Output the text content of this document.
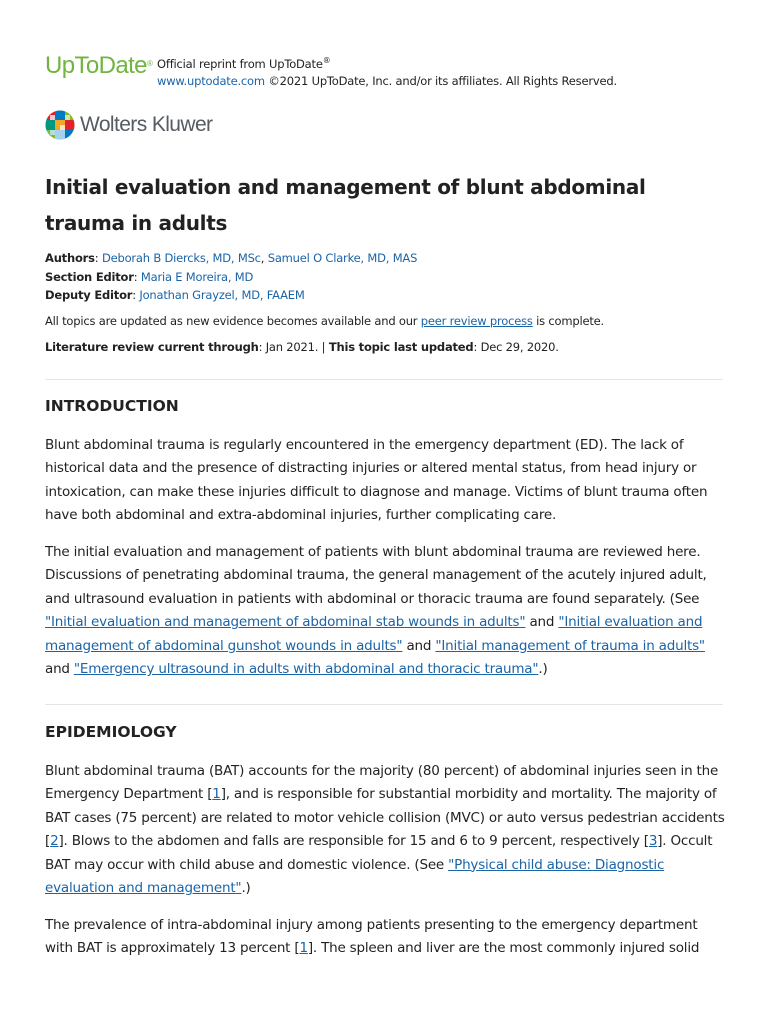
UpToDate® Official reprint from UpToDate®
www.uptodate.com ©2021 UpToDate, Inc. and/or its affiliates. All Rights Reserved.
Wolters Kluwer
Initial evaluation and management of blunt abdominal trauma in adults
Authors: Deborah B Diercks, MD, MSc, Samuel O Clarke, MD, MAS
Section Editor: Maria E Moreira, MD
Deputy Editor: Jonathan Grayzel, MD, FAAEM
All topics are updated as new evidence becomes available and our peer review process is complete.
Literature review current through: Jan 2021. | This topic last updated: Dec 29, 2020.
INTRODUCTION

Blunt abdominal trauma is regularly encountered in the emergency department (ED). The lack of historical data and the presence of distracting injuries or altered mental status, from head injury or intoxication, can make these injuries difficult to diagnose and manage. Victims of blunt trauma often have both abdominal and extra-abdominal injuries, further complicating care.

The initial evaluation and management of patients with blunt abdominal trauma are reviewed here. Discussions of penetrating abdominal trauma, the general management of the acutely injured adult, and ultrasound evaluation in patients with abdominal or thoracic trauma are found separately. (See "Initial evaluation and management of abdominal stab wounds in adults" and "Initial evaluation and management of abdominal gunshot wounds in adults" and "Initial management of trauma in adults"
and "Emergency ultrasound in adults with abdominal and thoracic trauma".)

EPIDEMIOLOGY

Blunt abdominal trauma (BAT) accounts for the majority (80 percent) of abdominal injuries seen in the Emergency Department [1], and is responsible for substantial morbidity and mortality. The majority of BAT cases (75 percent) are related to motor vehicle collision (MVC) or auto versus pedestrian accidents [2]. Blows to the abdomen and falls are responsible for 15 and 6 to 9 percent, respectively [3]. Occult BAT may occur with child abuse and domestic violence. (See "Physical child abuse: Diagnostic evaluation and management".)

The prevalence of intra-abdominal injury among patients presenting to the emergency department with BAT is approximately 13 percent [1]. The spleen and liver are the most commonly injured solid
